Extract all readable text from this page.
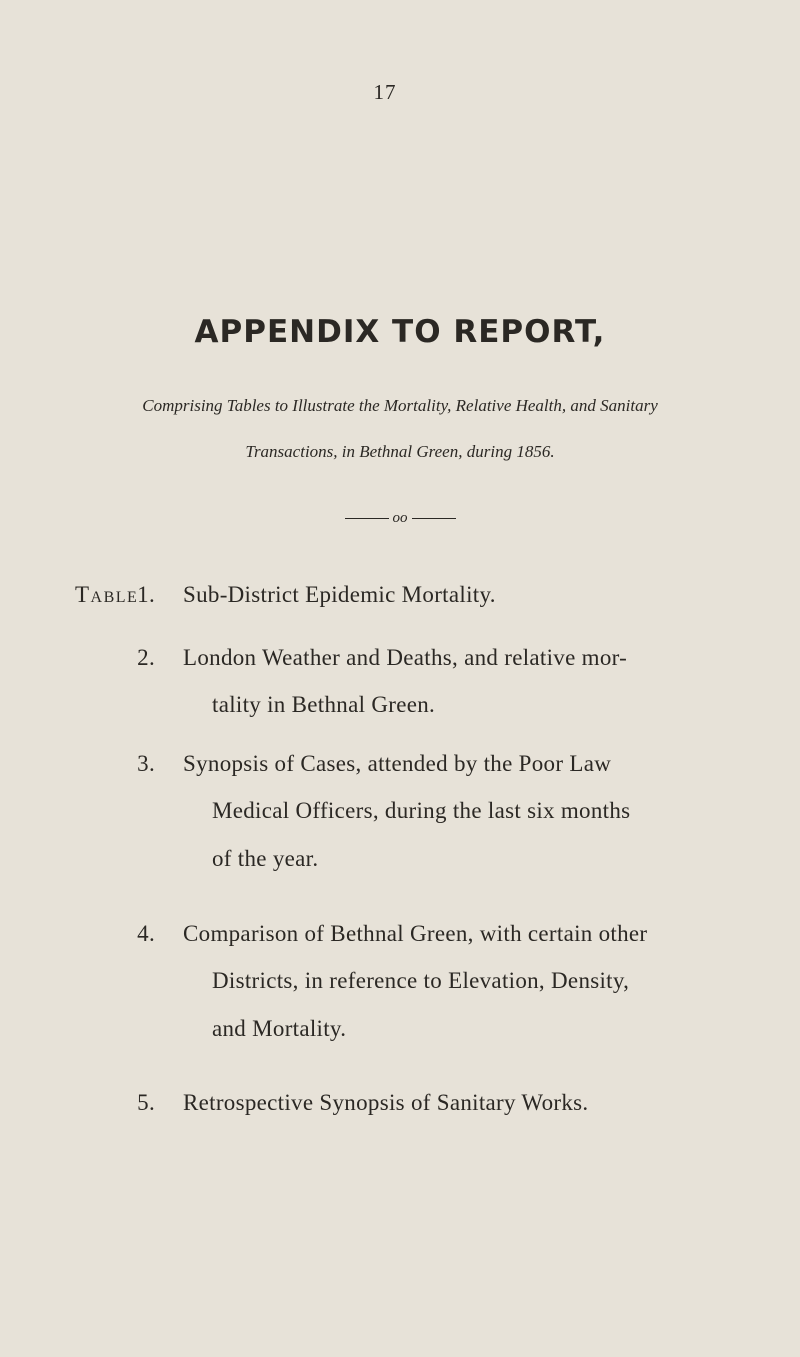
17
APPENDIX TO REPORT,
Comprising Tables to Illustrate the Mortality, Relative Health, and Sanitary
Transactions, in Bethnal Green, during 1856.
oo
Table
1. Sub-District Epidemic Mortality.
2. London Weather and Deaths, and relative mor-
tality in Bethnal Green.
3. Synopsis of Cases, attended by the Poor Law
Medical Officers, during the last six months
of the year.
4. Comparison of Bethnal Green, with certain other
Districts, in reference to Elevation, Density,
and Mortality.
5. Retrospective Synopsis of Sanitary Works.
